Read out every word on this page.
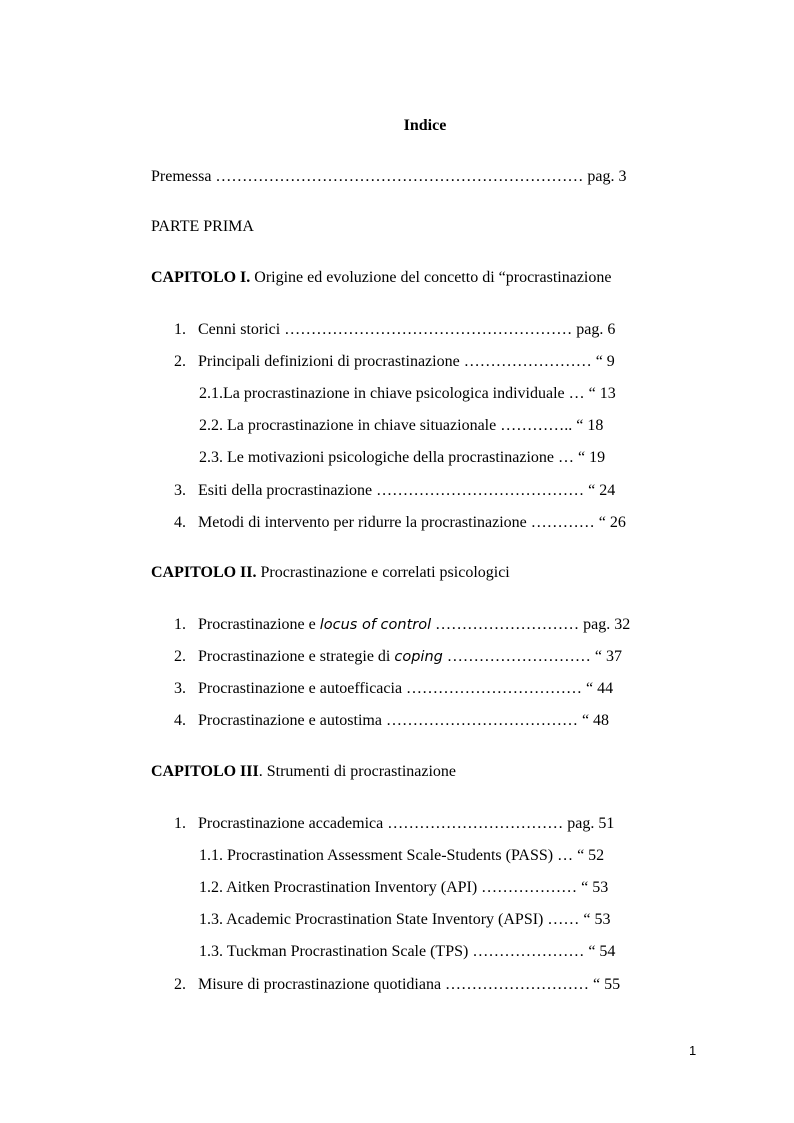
Indice
Premessa …………………………………………………………… pag. 3
PARTE PRIMA
CAPITOLO I. Origine ed evoluzione del concetto di “procrastinazione
1. Cenni storici ……………………………………………… pag. 6
2. Principali definizioni di procrastinazione …………………… “ 9
2.1.La procrastinazione in chiave psicologica individuale … “ 13
2.2. La procrastinazione in chiave situazionale ………….. “ 18
2.3. Le motivazioni psicologiche della procrastinazione … “ 19
3. Esiti della procrastinazione ………………………………… “ 24
4. Metodi di intervento per ridurre la procrastinazione ………… “ 26
CAPITOLO II. Procrastinazione e correlati psicologici
1. Procrastinazione e locus of control ……………………… pag. 32
2. Procrastinazione e strategie di coping ……………………… “ 37
3. Procrastinazione e autoefficacia …………………………… “ 44
4. Procrastinazione e autostima ……………………………… “ 48
CAPITOLO III. Strumenti di procrastinazione
1. Procrastinazione accademica …………………………… pag. 51
1.1. Procrastination Assessment Scale-Students (PASS) … “ 52
1.2. Aitken Procrastination Inventory (API) ……………… “ 53
1.3. Academic Procrastination State Inventory (APSI) …… “ 53
1.3. Tuckman Procrastination Scale (TPS) ………………… “ 54
2. Misure di procrastinazione quotidiana ……………………… “ 55
1
